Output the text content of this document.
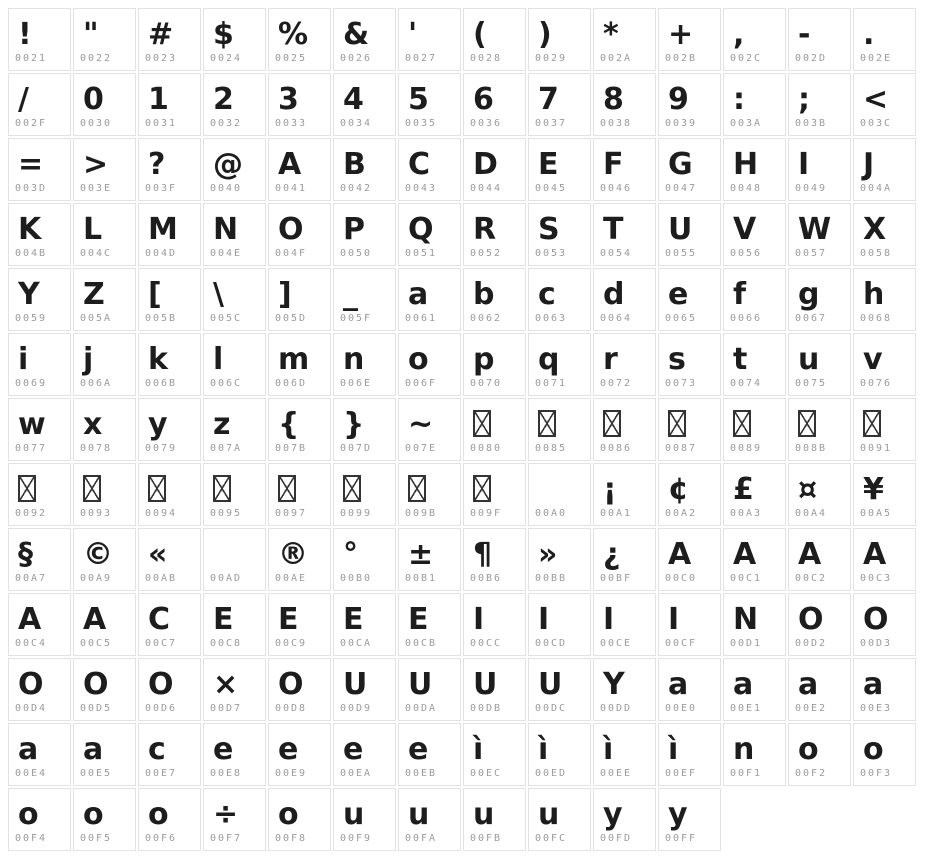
!
0021

"
0022

#
0023

$
0024

%
0025

&
0026

'
0027

(
0028

)
0029

*
002A

+
002B

,
002C

-
002D

.
002E

/
002F

0
0030

1
0031

2
0032

3
0033

4
0034

5
0035

6
0036

7
0037

8
0038

9
0039

:
003A

;
003B

<
003C

=
003D

>
003E

?
003F

@
0040

A
0041

B
0042

C
0043

D
0044

E
0045

F
0046

G
0047

H
0048

I
0049

J
004A

K
004B

L
004C

M
004D

N
004E

O
004F

P
0050

Q
0051

R
0052

S
0053

T
0054

U
0055

V
0056

W
0057

X
0058

Y
0059

Z
005A

[
005B

\
005C

]
005D

_
005F

a
0061

b
0062

c
0063

d
0064

e
0065

f
0066

g
0067

h
0068

i
0069

j
006A

k
006B

l
006C

m
006D

n
006E

o
006F

p
0070

q
0071

r
0072

s
0073

t
0074

u
0075

v
0076

w
0077

x
0078

y
0079

z
007A

{
007B

}
007D

~
007E	0080	0085	0086	0087	0089	008B	0091

0092	0093	0094	0095	0097	0099	009B	009F	00A0

¡
00A1

¢
00A2

£
00A3

¤
00A4

¥
00A5

§
00A7

©
00A9

«
00AB	00AD

®
00AE

°
00B0

±
00B1

¶
00B6

»
00BB

¿
00BF

A
00C0

A
00C1

A
00C2

A
00C3

A
00C4

A
00C5

C
00C7

E
00C8

E
00C9

E
00CA

E
00CB

I
00CC

I
00CD

I
00CE

I
00CF

N
00D1

O
00D2

O
00D3

O
00D4

O
00D5

O
00D6

×
00D7

O
00D8

U
00D9

U
00DA

U
00DB

U
00DC

Y
00DD

a
00E0

a
00E1

a
00E2

a
00E3

a
00E4

a
00E5

c
00E7

e
00E8

e
00E9

e
00EA

e
00EB

ì
00EC

ì
00ED

ì
00EE

ì
00EF

n
00F1

o
00F2

o
00F3

o
00F4

o
00F5

o
00F6

÷
00F7

o
00F8

u
00F9

u
00FA

u
00FB

u
00FC

y
00FD

y
00FF
